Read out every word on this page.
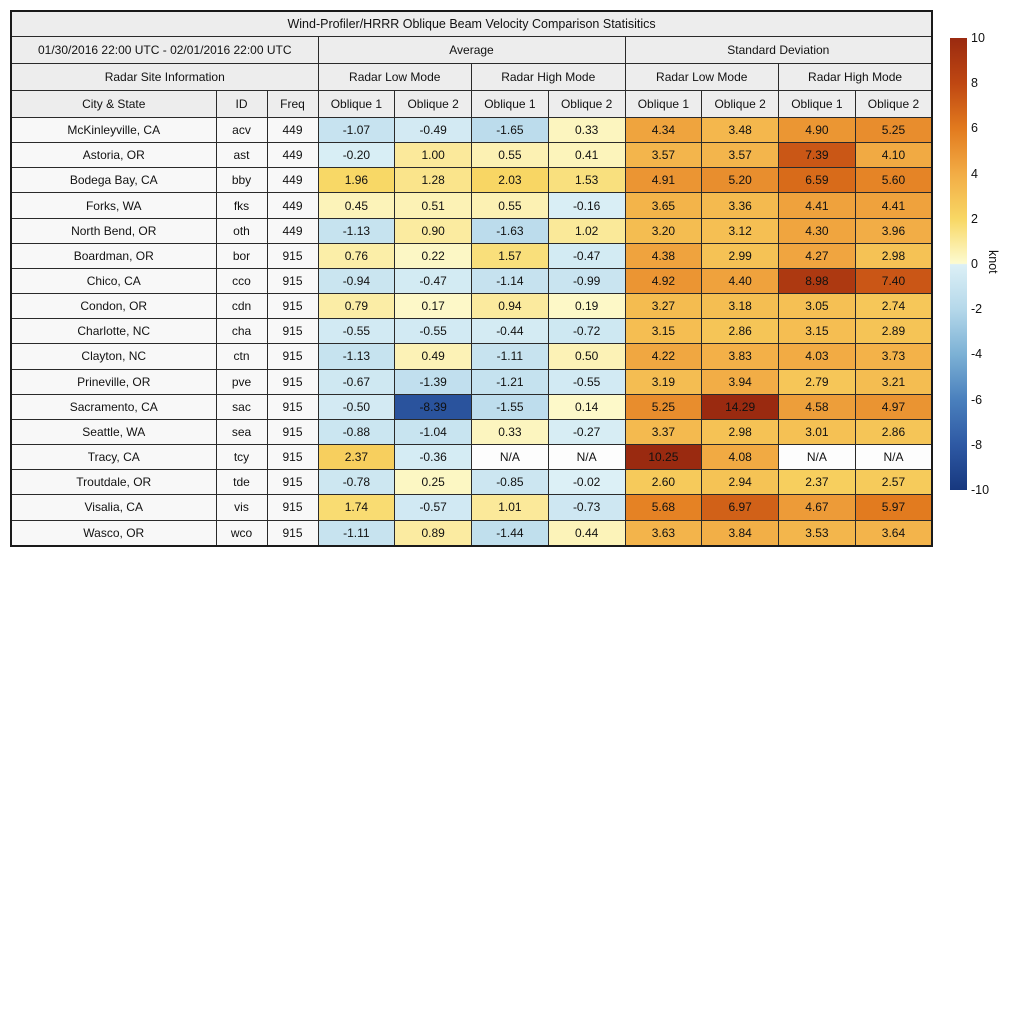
Wind-Profiler/HRRR Oblique Beam Velocity Comparison Statisitics										
01/30/2016 22:00 UTC - 02/01/2016 22:00 UTC			Average				Standard Deviation			
Radar Site Information			Radar Low Mode		Radar High Mode		Radar Low Mode		Radar High Mode	
City & State	ID	Freq	Oblique 1	Oblique 2	Oblique 1	Oblique 2	Oblique 1	Oblique 2	Oblique 1	Oblique 2
McKinleyville, CA	acv	449	-1.07	-0.49	-1.65	0.33	4.34	3.48	4.90	5.25
Astoria, OR	ast	449	-0.20	1.00	0.55	0.41	3.57	3.57	7.39	4.10
Bodega Bay, CA	bby	449	1.96	1.28	2.03	1.53	4.91	5.20	6.59	5.60
Forks, WA	fks	449	0.45	0.51	0.55	-0.16	3.65	3.36	4.41	4.41
North Bend, OR	oth	449	-1.13	0.90	-1.63	1.02	3.20	3.12	4.30	3.96
Boardman, OR	bor	915	0.76	0.22	1.57	-0.47	4.38	2.99	4.27	2.98
Chico, CA	cco	915	-0.94	-0.47	-1.14	-0.99	4.92	4.40	8.98	7.40
Condon, OR	cdn	915	0.79	0.17	0.94	0.19	3.27	3.18	3.05	2.74
Charlotte, NC	cha	915	-0.55	-0.55	-0.44	-0.72	3.15	2.86	3.15	2.89
Clayton, NC	ctn	915	-1.13	0.49	-1.11	0.50	4.22	3.83	4.03	3.73
Prineville, OR	pve	915	-0.67	-1.39	-1.21	-0.55	3.19	3.94	2.79	3.21
Sacramento, CA	sac	915	-0.50	-8.39	-1.55	0.14	5.25	14.29	4.58	4.97
Seattle, WA	sea	915	-0.88	-1.04	0.33	-0.27	3.37	2.98	3.01	2.86
Tracy, CA	tcy	915	2.37	-0.36	N/A	N/A	10.25	4.08	N/A	N/A
Troutdale, OR	tde	915	-0.78	0.25	-0.85	-0.02	2.60	2.94	2.37	2.57
Visalia, CA	vis	915	1.74	-0.57	1.01	-0.73	5.68	6.97	4.67	5.97
Wasco, OR	wco	915	-1.11	0.89	-1.44	0.44	3.63	3.84	3.53	3.64
10
8
6
4
2
0
-2
-4
-6
-8
-10
knot
